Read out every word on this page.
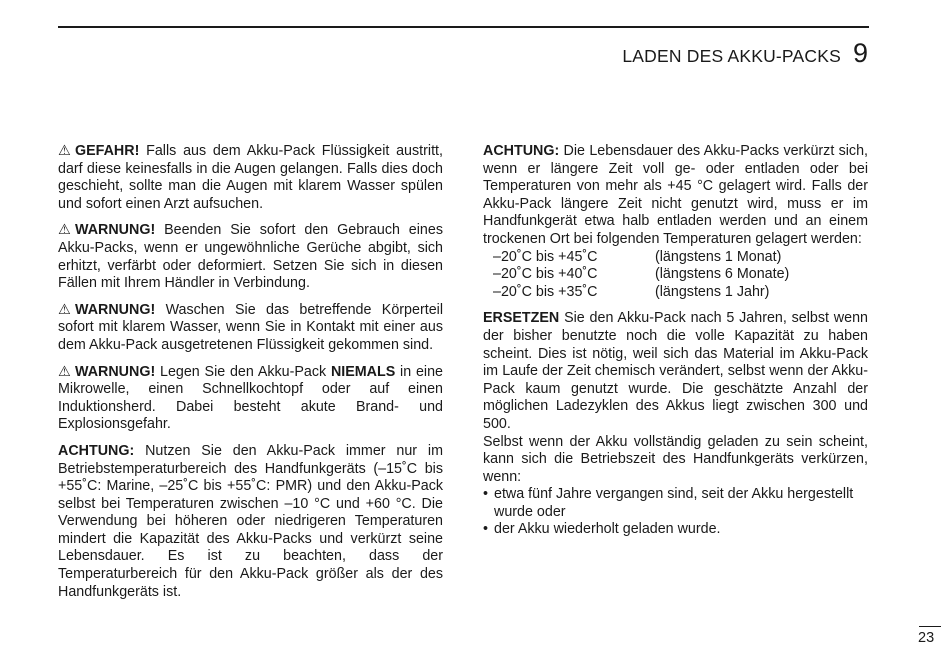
LADEN DES AKKU-PACKS 9

⚠ GEFAHR! Falls aus dem Akku-Pack Flüssigkeit austritt, darf diese keinesfalls in die Augen gelangen. Falls dies doch geschieht, sollte man die Augen mit klarem Wasser spülen und sofort einen Arzt aufsuchen.

⚠ WARNUNG! Beenden Sie sofort den Gebrauch eines Akku-Packs, wenn er ungewöhnliche Gerüche abgibt, sich erhitzt, verfärbt oder deformiert. Setzen Sie sich in diesen Fällen mit Ihrem Händler in Verbindung.

⚠ WARNUNG! Waschen Sie das betreffende Körperteil sofort mit klarem Wasser, wenn Sie in Kontakt mit einer aus dem Akku-Pack ausgetretenen Flüssigkeit gekommen sind.

⚠ WARNUNG! Legen Sie den Akku-Pack NIEMALS in eine Mikrowelle, einen Schnellkochtopf oder auf einen Induktionsherd. Dabei besteht akute Brand- und Explosionsgefahr.

ACHTUNG: Nutzen Sie den Akku-Pack immer nur im Betriebstemperaturbereich des Handfunkgeräts (–15˚C bis +55˚C: Marine, –25˚C bis +55˚C: PMR) und den Akku-Pack selbst bei Temperaturen zwischen –10 °C und +60 °C. Die Verwendung bei höheren oder niedrigeren Temperaturen mindert die Kapazität des Akku-Packs und verkürzt seine Lebensdauer. Es ist zu beachten, dass der Temperaturbereich für den Akku-Pack größer als der des Handfunkgeräts ist.

ACHTUNG: Die Lebensdauer des Akku-Packs verkürzt sich, wenn er längere Zeit voll ge- oder entladen oder bei Temperaturen von mehr als +45 °C gelagert wird. Falls der Akku-Pack längere Zeit nicht genutzt wird, muss er im Handfunkgerät etwa halb entladen werden und an einem trockenen Ort bei folgenden Temperaturen gelagert werden:

–20˚C bis +45˚C	(längstens 1 Monat)
–20˚C bis +40˚C	(längstens 6 Monate)
–20˚C bis +35˚C	(längstens 1 Jahr)

ERSETZEN Sie den Akku-Pack nach 5 Jahren, selbst wenn der bisher benutzte noch die volle Kapazität zu haben scheint. Dies ist nötig, weil sich das Material im Akku-Pack im Laufe der Zeit chemisch verändert, selbst wenn der Akku-Pack kaum genutzt wurde. Die geschätzte Anzahl der möglichen Ladezyklen des Akkus liegt zwischen 300 und 500.

Selbst wenn der Akku vollständig geladen zu sein scheint, kann sich die Betriebszeit des Handfunkgeräts verkürzen, wenn:

• etwa fünf Jahre vergangen sind, seit der Akku hergestellt wurde oder
• der Akku wiederholt geladen wurde.
23
